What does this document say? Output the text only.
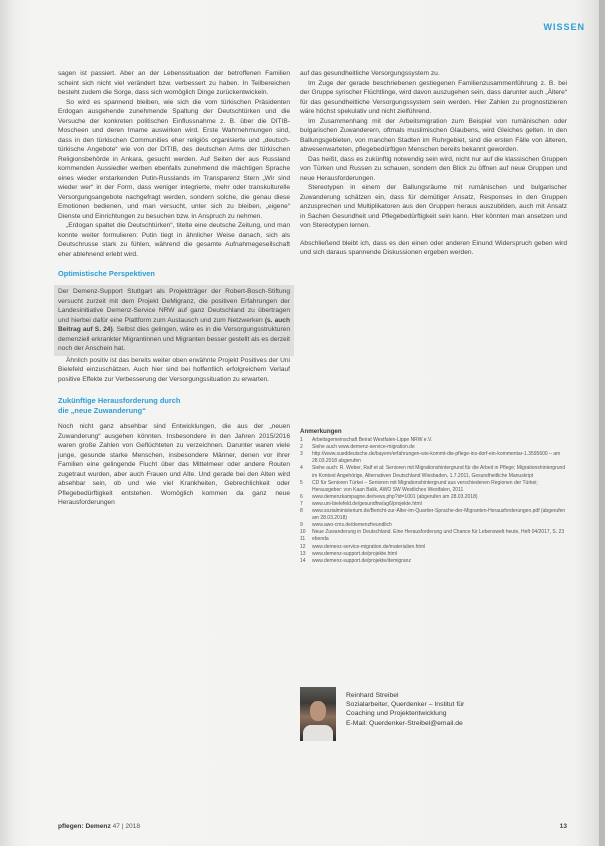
WISSEN

sagen ist passiert. Aber an der Lebenssituation der betroffenen Familien scheint sich nicht viel verändert bzw. verbessert zu haben. In Teilbereichen besteht zudem die Sorge, dass sich womöglich Dinge zurückentwickeln.

So wird es spannend bleiben, wie sich die vom türkischen Präsidenten Erdogan ausgehende zunehmende Spaltung der Deutschtürken und die Versuche der konkreten politischen Einflussnahme z. B. über die DITIB-Moscheen und deren Imame auswirken wird. Erste Wahrnehmungen sind, dass in den türkischen Communities eher religiös organisierte und „deutsch-türkische Angebote“ wie von der DITIB, des deutschen Arms der türkischen Religionsbehörde in Ankara, gesucht werden. Auf Seiten der aus Russland kommenden Aussiedler werben ebenfalls zunehmend die mächtigen Sprache eines wieder erstarkenden Putin-Russlands im Transparenz Stern „Wir sind wieder wer“ in der Form, dass weniger integrierte, mehr oder transkulturelle Versorgungsangebote nachgefragt werden, sondern solche, die genau diese Emotionen bedienen, und man versucht, unter sich zu bleiben, „eigene“ Dienste und Einrichtungen zu besuchen bzw. in Anspruch zu nehmen.

„Erdogan spaltet die Deutschtürken“, titelte eine deutsche Zeitung, und man konnte weiter formulieren: Putin tiegt in ähnlicher Weise danach, sich als Deutschrusse stark zu fühlen, während die gesamte Aufnahmegesellschaft eher ablehnend erlebt wird.

Optimistische Perspektiven

Der Demenz-Support Stuttgart als Projektträger der Robert-Bosch-Stiftung versucht zurzeit mit dem Projekt DeMigranz, die positiven Erfahrungen der Landesinitiative Demenz-Service NRW auf ganz Deutschland zu übertragen und hierbei dafür eine Plattform zum Austausch und zum Netzwerken (s. auch Beitrag auf S. 24). Selbst dies gelingen, wäre es in die Versorgungsstrukturen demenziell erkrankter Migrantinnen und Migranten besser gestellt als es derzeit noch der Anschein hat.

Ähnlich positiv ist das bereits weiter oben erwähnte Projekt Positives der Uni Bielefeld einzuschätzen. Auch hier sind bei hoffentlich erfolgreichem Verlauf positive Effekte zur Verbesserung der Versorgungssituation zu erwarten.

Zukünftige Herausforderung durch

die „neue Zuwanderung“

Noch nicht ganz absehbar sind Entwicklungen, die aus der „neuen Zuwanderung“ ausgehen könnten. Insbesondere in den Jahren 2015/2016 waren große Zahlen von Geflüchteten zu verzeichnen. Darunter waren viele junge, gesunde starke Menschen, insbesondere Männer, denen vor ihrer Familien eine gelingende Flucht über das Mittelmeer oder andere Routen zugetraut wurden, aber auch Frauen und Alte. Und gerade bei den Alten wird absehbar sein, ob und wie viel Krankheiten, Gebrechlichkeit oder Pflegebedürftigkeit entstehen. Womöglich kommen da ganz neue Herausforderungen

auf das gesundheitliche Versorgungssystem zu.

Im Zuge der gerade beschriebenen gestiegenen Familienzusammenführung z. B. bei der Gruppe syrischer Flüchtlinge, wird davon auszugehen sein, dass darunter auch „Ältere“ für das gesundheitliche Versorgungssystem sein werden. Hier Zahlen zu prognostizieren wäre höchst spekulativ und nicht zielführend.

Im Zusammenhang mit der Arbeitsmigration zum Beispiel von rumänischen oder bulgarischen Zuwanderern, oftmals muslimischen Glaubens, wird Gleiches gelten. In den Ballungsgebieten, von manchen Stadten im Ruhrgebiet, sind die ersten Fälle von älteren, abwesenwarteten, pflegebedürftigen Menschen bereits bekannt geworden.

Das heißt, dass es zukünftig notwendig sein wird, nicht nur auf die klassischen Gruppen von Türken und Russen zu schauen, sondern den Blick zu öffnen auf neue Gruppen und neue Herausforderungen.

Stereotypen in einem der Ballungsräume mit rumänischen und bulgarischer Zuwanderung schätzen ein, dass für demütiger Ansatz, Responses in den Gruppen anzusprechen und Multiplikatoren aus den Gruppen heraus auszubilden, auch mit Ansatz in Sachen Gesundheit und Pflegebedürftigkeit sein kann. Hier könnten man ansetzen und von Stereotypen lernen.

Abschließend bleibt ich, dass es den einen oder anderen Einund Widerspruch geben wird und sich daraus spannende Diskussionen ergeben werden.

Anmerkungen
1	Arbeitsgemeinschaft Beirat Westfalen-Lippe NRW e.V.
2	Siehe auch www.demenz-service-migration.de
3	http://www.sueddeutsche.de/bayern/erfahrungen-wie-kommt-die-pflege-ins-dorf-ein-kommentar-1.3595600 – am 28.03.2018 abgerufen
4	Siehe auch: R. Weber, Ralf et al: Senioren mit Migrationshintergrund für die Arbeit in Pflege; Migrationshintergrund im Kontext Angehörige, Alternativen Deutschland Wiesbaden, 1.7.2011, Gesundheitliche Manuskript
5	CD für Senioren Türkei – Senioren mit Migrationshintergrund aus verschiedenen Regionen der Türkei; Herausgeber: von Kaan Balik, AWO SW Westliches Westfalen, 2011
6	www.demenzkampagne.de/news.php?id=1001 (abgerufen am 28.03.2018)
7	www.uni-bielefeld.de/gesundhw/ag6/projekte.html
8	www.sozialministerium.de/Bericht-zur-Alter-im-Quartier-Sprache-der-Migranten-Herausforderungen.pdf (abgerufen am 28.03.2018)
9	www.awo-cms.de/demenzfreundlich
10	Neue Zuwanderung in Deutschland. Eine Herausforderung und Chance für Lebenswelt heute, Heft 04/2017, S. 23
11	ebenda
12	www.demenz-service-migration.de/materialien.html
13	www.demenz-support.de/projekte.html
14	www.demenz-support.de/projekte/demigranz
Reinhard Streibel
Sozialarbeiter, Querdenker – Institut für
Coaching und Projektentwicklung
E-Mail: Querdenker-Streibel@email.de
pflegen: Demenz 47 | 2018	13
